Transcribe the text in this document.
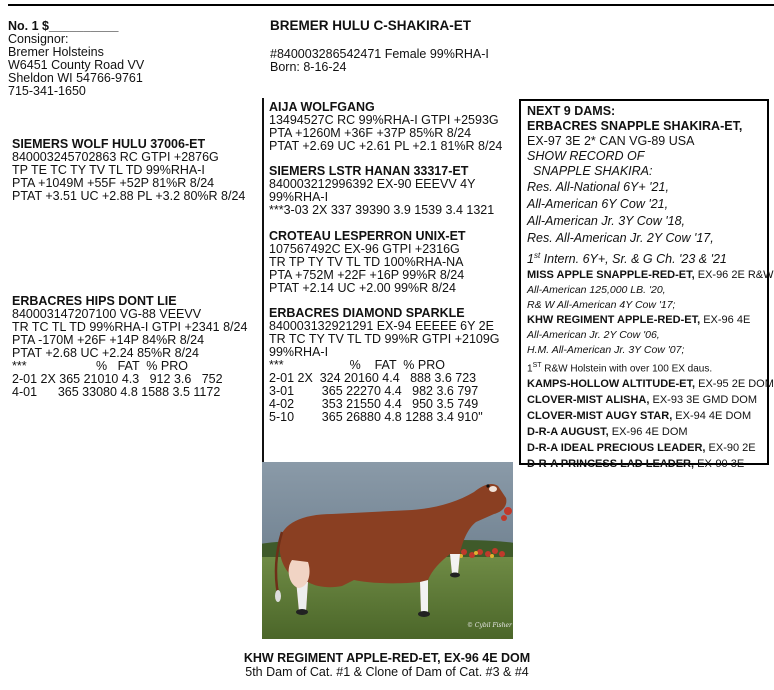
No. 1 $__________
Consignor:
Bremer Holsteins
W6451 County Road VV
Sheldon WI 54766-9761
715-341-1650
SIEMERS WOLF HULU 37006-ET
840003245702863 RC GTPI +2876G
TP TE TC TY TV TL TD 99%RHA-I
PTA +1049M +55F +52P 81%R 8/24
PTAT +3.51 UC +2.88 PL +3.2 80%R 8/24
ERBACRES HIPS DONT LIE
840003147207100 VG-88 VEEVV
TR TC TL TD 99%RHA-I GTPI +2341 8/24
PTA -170M +26F +14P 84%R 8/24
PTAT +2.68 UC +2.24 85%R 8/24
***                    %   FAT  % PRO
2-01 2X 365 21010 4.3   912 3.6   752
4-01      365 33080 4.8 1588 3.5 1172
BREMER HULU C-SHAKIRA-ET
#840003286542471 Female 99%RHA-I
Born: 8-16-24
AIJA WOLFGANG
13494527C RC 99%RHA-I GTPI +2593G
PTA +1260M +36F +37P 85%R 8/24
PTAT +2.69 UC +2.61 PL +2.1 81%R 8/24
SIEMERS LSTR HANAN 33317-ET
840003212996392 EX-90 EEEVV 4Y
99%RHA-I
***3-03 2X 337 39390 3.9 1539 3.4 1321
CROTEAU LESPERRON UNIX-ET
107567492C EX-96 GTPI +2316G
TR TP TY TV TL TD 100%RHA-NA
PTA +752M +22F +16P 99%R 8/24
PTAT +2.14 UC +2.00 99%R 8/24
ERBACRES DIAMOND SPARKLE
840003132921291 EX-94 EEEEE 6Y 2E
TR TC TY TV TL TD 99%R GTPI +2109G
99%RHA-I
***                   %    FAT  % PRO
2-01 2X  324 20160 4.4   888 3.6 723
3-01        365 22270 4.4   982 3.6 797
4-02        353 21550 4.4   950 3.5 749
5-10        365 26880 4.8 1288 3.4 910"
NEXT 9 DAMS:
ERBACRES SNAPPLE SHAKIRA-ET,
EX-97 3E 2* CAN VG-89 USA
SHOW RECORD OF
SNAPPLE SHAKIRA:
Res. All-National 6Y+ '21,
All-American 6Y Cow '21,
All-American Jr. 3Y Cow '18,
Res. All-American Jr. 2Y Cow '17,
1st Intern. 6Y+, Sr. & G Ch. '23 & '21
MISS APPLE SNAPPLE-RED-ET, EX-96 2E R&W
All-American 125,000 LB. '20,
R& W All-American 4Y Cow '17;
KHW REGIMENT APPLE-RED-ET, EX-96 4E
All-American Jr. 2Y Cow '06,
H.M. All-American Jr. 3Y Cow '07;
1ST R&W Holstein with over 100 EX daus.
KAMPS-HOLLOW ALTITUDE-ET, EX-95 2E DOM
CLOVER-MIST ALISHA, EX-93 3E GMD DOM
CLOVER-MIST AUGY STAR, EX-94 4E DOM
D-R-A AUGUST, EX-96 4E DOM
D-R-A IDEAL PRECIOUS LEADER, EX-90 2E
D-R-A PRINCESS LAD LEADER, EX-90 3E
© Cybil Fisher
KHW REGIMENT APPLE-RED-ET, EX-96 4E DOM
5th Dam of Cat. #1 & Clone of Dam of Cat. #3 & #4
